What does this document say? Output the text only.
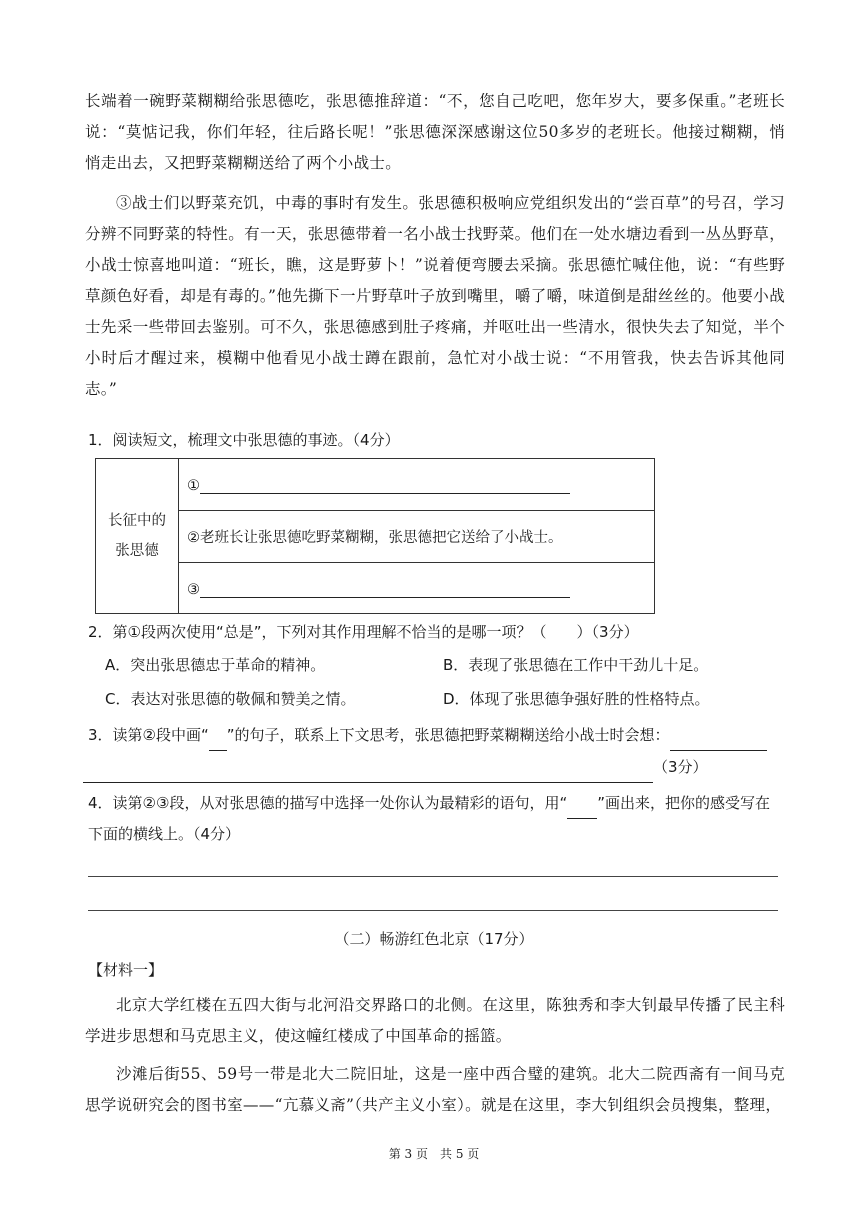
长端着一碗野菜糊糊给张思德吃，张思德推辞道：“不，您自己吃吧，您年岁大，要多保重。”老班长说：“莫惦记我，你们年轻，往后路长呢！”张思德深深感谢这位50多岁的老班长。他接过糊糊，悄悄走出去，又把野菜糊糊送给了两个小战士。

③战士们以野菜充饥，中毒的事时有发生。张思德积极响应党组织发出的“尝百草”的号召，学习分辨不同野菜的特性。有一天，张思德带着一名小战士找野菜。他们在一处水塘边看到一丛丛野草，小战士惊喜地叫道：“班长，瞧，这是野萝卜！”说着便弯腰去采摘。张思德忙喊住他，说：“有些野草颜色好看，却是有毒的。”他先撕下一片野草叶子放到嘴里，嚼了嚼，味道倒是甜丝丝的。他要小战士先采一些带回去鉴别。可不久，张思德感到肚子疼痛，并呕吐出一些清水，很快失去了知觉，半个小时后才醒过来，模糊中他看见小战士蹲在跟前，急忙对小战士说：“不用管我，快去告诉其他同志。”

1．阅读短文，梳理文中张思德的事迹。（4分）

长征中的
张思德
	①
②老班长让张思德吃野菜糊糊，张思德把它送给了小战士。
③

2．第①段两次使用“总是”，下列对其作用理解不恰当的是哪一项？（　　）（3分）

A．突出张思德忠于革命的精神。	B．表现了张思德在工作中干劲儿十足。
C．表达对张思德的敬佩和赞美之情。	D．体现了张思德争强好胜的性格特点。

3．读第②段中画“ ”的句子，联系上下文思考，张思德把野菜糊糊送给小战士时会想：

（3分）

4．读第②③段，从对张思德的描写中选择一处你认为最精彩的语句，用“ ”画出来，把你的感受写在下面的横线上。（4分）

（二）畅游红色北京（17分）
【材料一】

北京大学红楼在五四大街与北河沿交界路口的北侧。在这里，陈独秀和李大钊最早传播了民主科学进步思想和马克思主义，使这幢红楼成了中国革命的摇篮。

沙滩后街55、59号一带是北大二院旧址，这是一座中西合璧的建筑。北大二院西斋有一间马克思学说研究会的图书室——“亢慕义斋”（共产主义小室）。就是在这里，李大钊组织会员搜集，整理，

第 3 页　共 5 页
